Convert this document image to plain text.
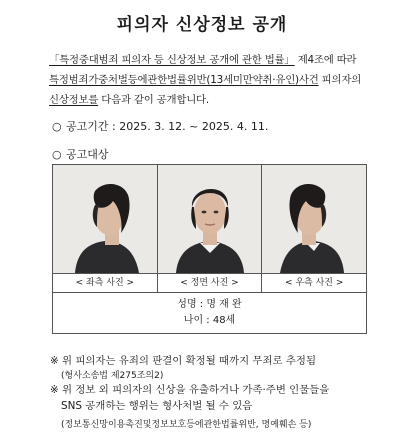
피의자 신상정보 공개
「특정중대범죄 피의자 등 신상정보 공개에 관한 법률」 제4조에 따라
특정범죄가중처벌등에관한법률위반(13세미만약취·유인)사건 피의자의
신상정보를 다음과 같이 공개합니다.
○ 공고기간 : 2025. 3. 12. ~ 2025. 4. 11.
○ 공고대상
< 좌측 사진 >	< 정면 사진 >	< 우측 사진 >
성명 : 명 재 완
나이 : 48세
※ 위 피의자는 유죄의 판결이 확정될 때까지 무죄로 추정됨
(형사소송법 제275조의2)
※ 위 정보 외 피의자의 신상을 유출하거나 가족·주변 인물들을
SNS 공개하는 행위는 형사처벌 될 수 있음
(정보통신망이용촉진및정보보호등에관한법률위반, 명예훼손 등)
